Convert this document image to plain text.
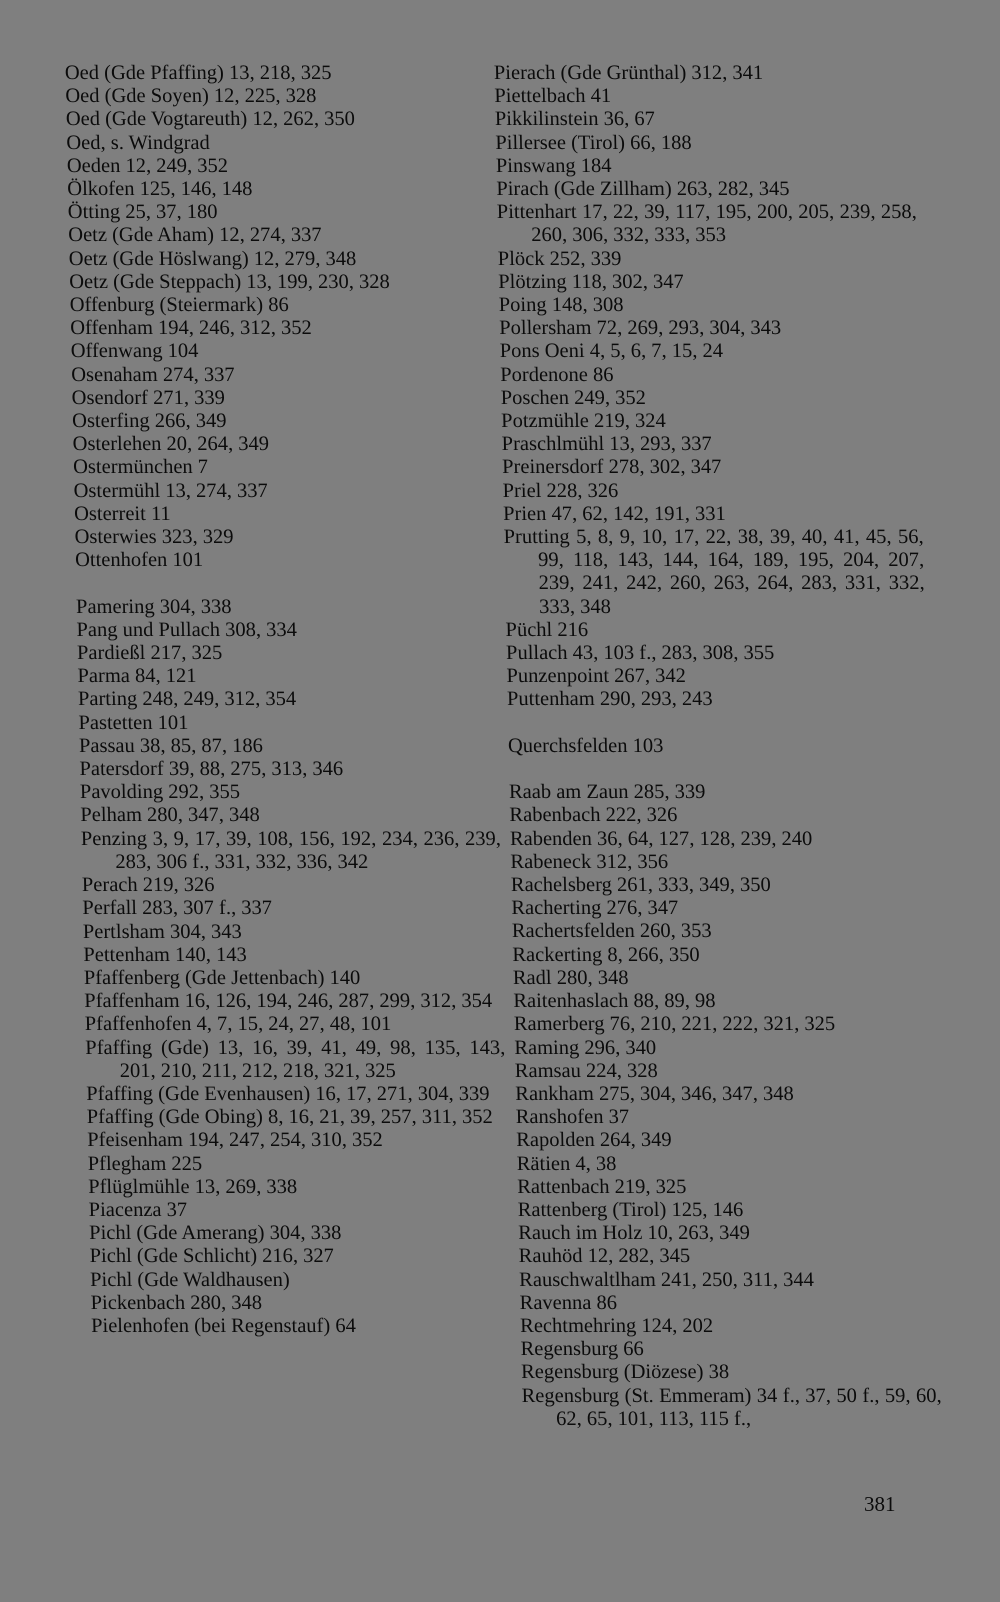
Oed (Gde Pfaffing) 13, 218, 325
Oed (Gde Soyen) 12, 225, 328
Oed (Gde Vogtareuth) 12, 262, 350
Oed, s. Windgrad
Oeden 12, 249, 352
Ölkofen 125, 146, 148
Ötting 25, 37, 180
Oetz (Gde Aham) 12, 274, 337
Oetz (Gde Höslwang) 12, 279, 348
Oetz (Gde Steppach) 13, 199, 230, 328
Offenburg (Steiermark) 86
Offenham 194, 246, 312, 352
Offenwang 104
Osenaham 274, 337
Osendorf 271, 339
Osterfing 266, 349
Osterlehen 20, 264, 349
Ostermünchen 7
Ostermühl 13, 274, 337
Osterreit 11
Osterwies 323, 329
Ottenhofen 101
Pamering 304, 338
Pang und Pullach 308, 334
Pardießl 217, 325
Parma 84, 121
Parting 248, 249, 312, 354
Pastetten 101
Passau 38, 85, 87, 186
Patersdorf 39, 88, 275, 313, 346
Pavolding 292, 355
Pelham 280, 347, 348
Penzing 3, 9, 17, 39, 108, 156, 192, 234, 236, 239, 283, 306 f., 331, 332, 336, 342
Perach 219, 326
Perfall 283, 307 f., 337
Pertlsham 304, 343
Pettenham 140, 143
Pfaffenberg (Gde Jettenbach) 140
Pfaffenham 16, 126, 194, 246, 287, 299, 312, 354
Pfaffenhofen 4, 7, 15, 24, 27, 48, 101
Pfaffing (Gde) 13, 16, 39, 41, 49, 98, 135, 143, 201, 210, 211, 212, 218, 321, 325
Pfaffing (Gde Evenhausen) 16, 17, 271, 304, 339
Pfaffing (Gde Obing) 8, 16, 21, 39, 257, 311, 352
Pfeisenham 194, 247, 254, 310, 352
Pflegham 225
Pflüglmühle 13, 269, 338
Piacenza 37
Pichl (Gde Amerang) 304, 338
Pichl (Gde Schlicht) 216, 327
Pichl (Gde Waldhausen)
Pickenbach 280, 348
Pielenhofen (bei Regenstauf) 64
Pierach (Gde Grünthal) 312, 341
Piettelbach 41
Pikkilinstein 36, 67
Pillersee (Tirol) 66, 188
Pinswang 184
Pirach (Gde Zillham) 263, 282, 345
Pittenhart 17, 22, 39, 117, 195, 200, 205, 239, 258, 260, 306, 332, 333, 353
Plöck 252, 339
Plötzing 118, 302, 347
Poing 148, 308
Pollersham 72, 269, 293, 304, 343
Pons Oeni 4, 5, 6, 7, 15, 24
Pordenone 86
Poschen 249, 352
Potzmühle 219, 324
Praschlmühl 13, 293, 337
Preinersdorf 278, 302, 347
Priel 228, 326
Prien 47, 62, 142, 191, 331
Prutting 5, 8, 9, 10, 17, 22, 38, 39, 40, 41, 45, 56, 99, 118, 143, 144, 164, 189, 195, 204, 207, 239, 241, 242, 260, 263, 264, 283, 331, 332, 333, 348
Püchl 216
Pullach 43, 103 f., 283, 308, 355
Punzenpoint 267, 342
Puttenham 290, 293, 243
Querchsfelden 103
Raab am Zaun 285, 339
Rabenbach 222, 326
Rabenden 36, 64, 127, 128, 239, 240
Rabeneck 312, 356
Rachelsberg 261, 333, 349, 350
Racherting 276, 347
Rachertsfelden 260, 353
Rackerting 8, 266, 350
Radl 280, 348
Raitenhaslach 88, 89, 98
Ramerberg 76, 210, 221, 222, 321, 325
Raming 296, 340
Ramsau 224, 328
Rankham 275, 304, 346, 347, 348
Ranshofen 37
Rapolden 264, 349
Rätien 4, 38
Rattenbach 219, 325
Rattenberg (Tirol) 125, 146
Rauch im Holz 10, 263, 349
Rauhöd 12, 282, 345
Rauschwaltlham 241, 250, 311, 344
Ravenna 86
Rechtmehring 124, 202
Regensburg 66
Regensburg (Diözese) 38
Regensburg (St. Emmeram) 34 f., 37, 50 f., 59, 60, 62, 65, 101, 113, 115 f.,
381
